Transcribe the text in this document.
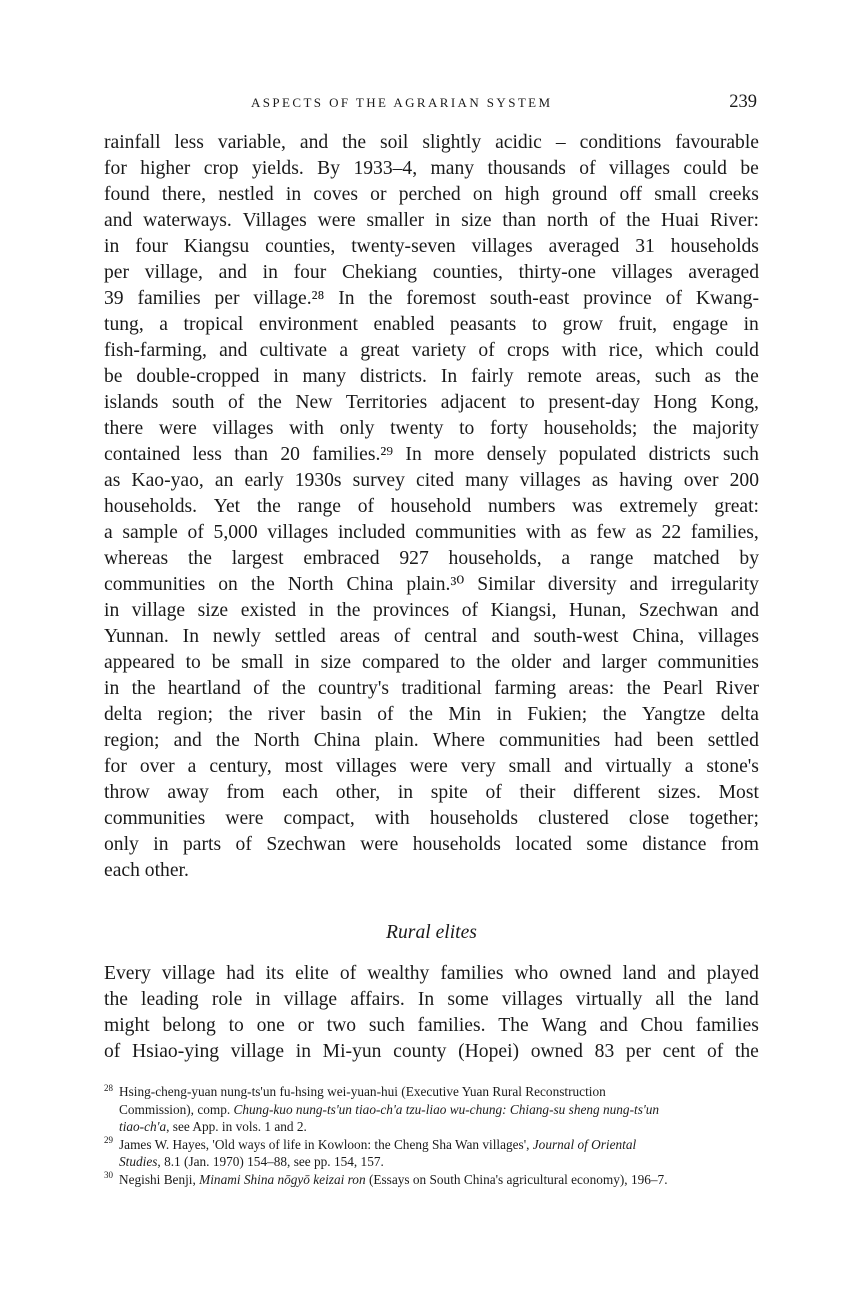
ASPECTS OF THE AGRARIAN SYSTEM	239
rainfall less variable, and the soil slightly acidic – conditions favourable
for higher crop yields. By 1933–4, many thousands of villages could be
found there, nestled in coves or perched on high ground off small creeks
and waterways. Villages were smaller in size than north of the Huai River:
in four Kiangsu counties, twenty-seven villages averaged 31 households
per village, and in four Chekiang counties, thirty-one villages averaged
39 families per village.²⁸ In the foremost south-east province of Kwang-
tung, a tropical environment enabled peasants to grow fruit, engage in
fish-farming, and cultivate a great variety of crops with rice, which could
be double-cropped in many districts. In fairly remote areas, such as the
islands south of the New Territories adjacent to present-day Hong Kong,
there were villages with only twenty to forty households; the majority
contained less than 20 families.²⁹ In more densely populated districts such
as Kao-yao, an early 1930s survey cited many villages as having over 200
households. Yet the range of household numbers was extremely great:
a sample of 5,000 villages included communities with as few as 22 families,
whereas the largest embraced 927 households, a range matched by
communities on the North China plain.³⁰ Similar diversity and irregularity
in village size existed in the provinces of Kiangsi, Hunan, Szechwan and
Yunnan. In newly settled areas of central and south-west China, villages
appeared to be small in size compared to the older and larger communities
in the heartland of the country's traditional farming areas: the Pearl River
delta region; the river basin of the Min in Fukien; the Yangtze delta
region; and the North China plain. Where communities had been settled
for over a century, most villages were very small and virtually a stone's
throw away from each other, in spite of their different sizes. Most
communities were compact, with households clustered close together;
only in parts of Szechwan were households located some distance from
each other.
Rural elites
Every village had its elite of wealthy families who owned land and played
the leading role in village affairs. In some villages virtually all the land
might belong to one or two such families. The Wang and Chou families
of Hsiao-ying village in Mi-yun county (Hopei) owned 83 per cent of the
28 Hsing-cheng-yuan nung-ts'un fu-hsing wei-yuan-hui (Executive Yuan Rural Reconstruction
Commission), comp. Chung-kuo nung-ts'un tiao-ch'a tzu-liao wu-chung: Chiang-su sheng nung-ts'un
tiao-ch'a, see App. in vols. 1 and 2.
29 James W. Hayes, 'Old ways of life in Kowloon: the Cheng Sha Wan villages', Journal of Oriental
Studies, 8.1 (Jan. 1970) 154–88, see pp. 154, 157.
30 Negishi Benji, Minami Shina nōgyō keizai ron (Essays on South China's agricultural economy), 196–7.
